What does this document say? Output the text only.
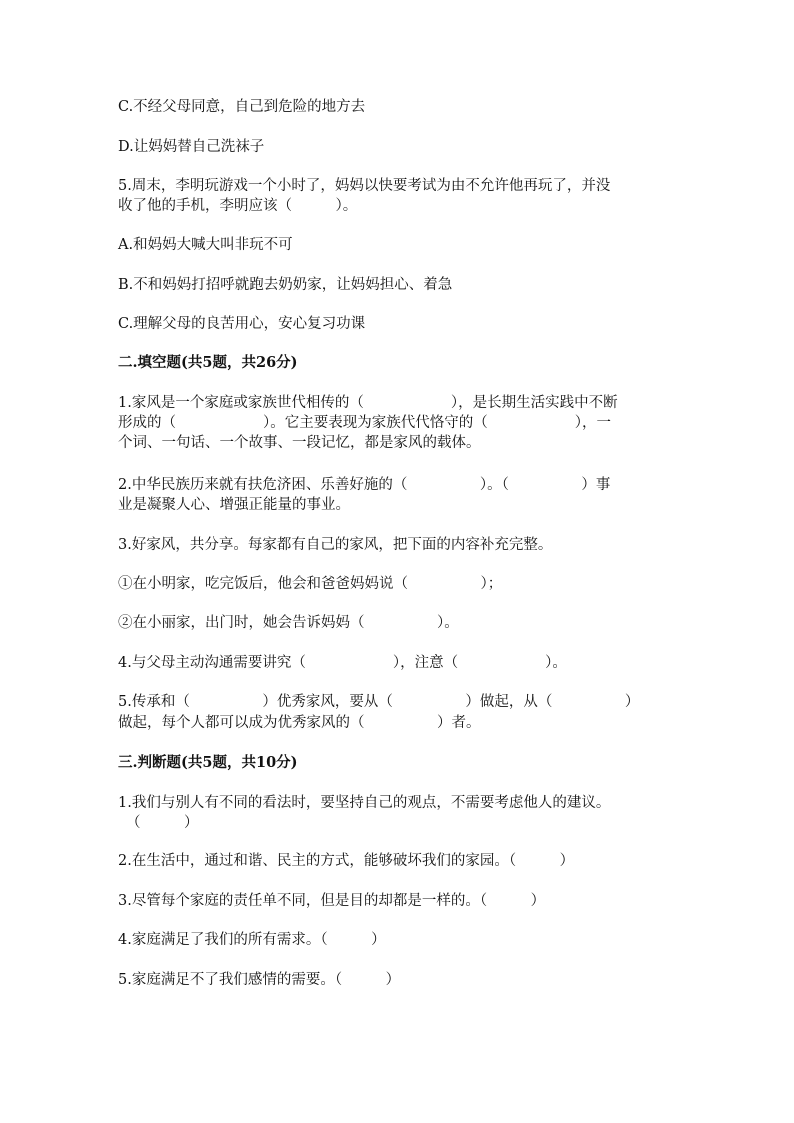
C.不经父母同意，自己到危险的地方去
D.让妈妈替自己洗袜子
5.周末，李明玩游戏一个小时了，妈妈以快要考试为由不允许他再玩了，并没
收了他的手机，李明应该（　　　）。
A.和妈妈大喊大叫非玩不可
B.不和妈妈打招呼就跑去奶奶家，让妈妈担心、着急
C.理解父母的良苦用心，安心复习功课
二.填空题(共5题，共26分)
1.家风是一个家庭或家族世代相传的（　　　　　　），是长期生活实践中不断
形成的（　　　　　　）。它主要表现为家族代代恪守的（　　　　　　），一
个词、一句话、一个故事、一段记忆，都是家风的载体。
2.中华民族历来就有扶危济困、乐善好施的（　　　　　）。（　　　　　）事
业是凝聚人心、增强正能量的事业。
3.好家风，共分享。每家都有自己的家风，把下面的内容补充完整。
①在小明家，吃完饭后，他会和爸爸妈妈说（　　　　　）；
②在小丽家，出门时，她会告诉妈妈（　　　　　）。
4.与父母主动沟通需要讲究（　　　　　　），注意（　　　　　　）。
5.传承和（　　　　　）优秀家风，要从（　　　　　）做起，从（　　　　　）
做起，每个人都可以成为优秀家风的（　　　　　）者。
三.判断题(共5题，共10分)
1.我们与别人有不同的看法时，要坚持自己的观点，不需要考虑他人的建议。
（　　　）
2.在生活中，通过和谐、民主的方式，能够破坏我们的家园。（　　　）
3.尽管每个家庭的责任单不同，但是目的却都是一样的。（　　　）
4.家庭满足了我们的所有需求。（　　　）
5.家庭满足不了我们感情的需要。（　　　）
